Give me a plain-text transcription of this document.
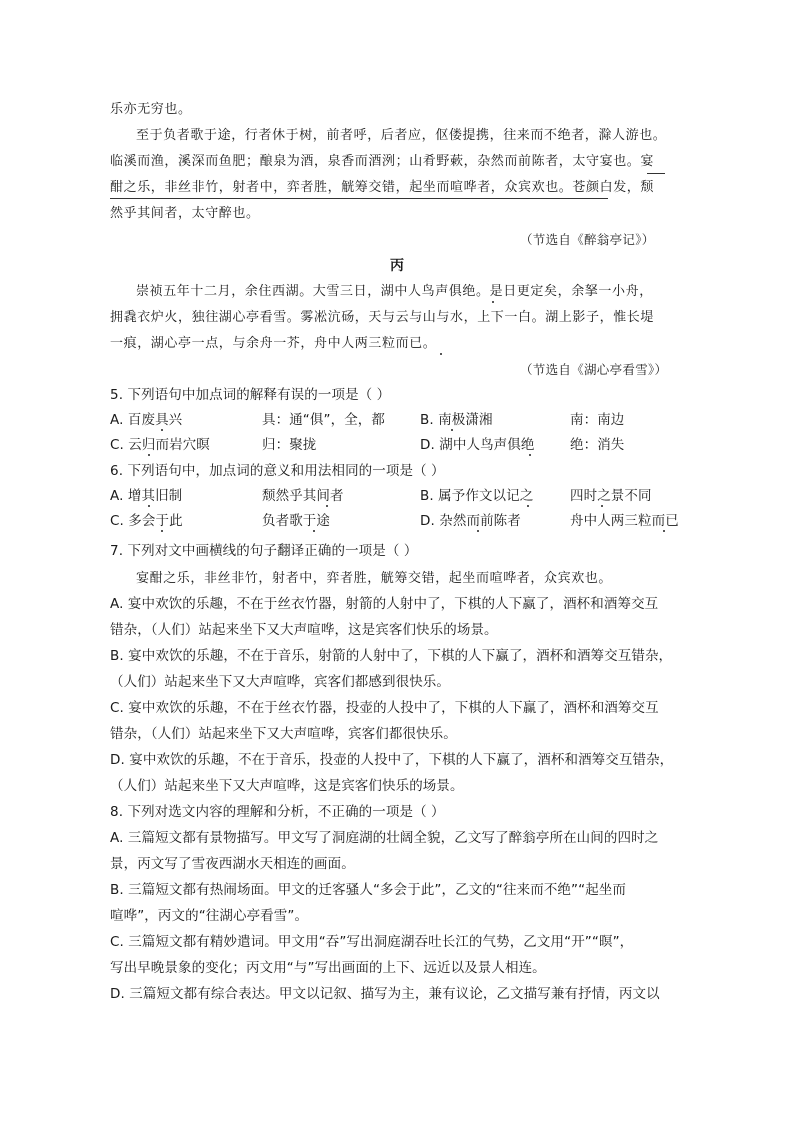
乐亦无穷也。
至于负者歌于途，行者休于树，前者呼，后者应，伛偻提携，往来而不绝者，滁人游也。
临溪而渔，溪深而鱼肥；酿泉为酒，泉香而酒洌；山肴野蔌，杂然而前陈者，太守宴也。宴
酣之乐，非丝非竹，射者中，弈者胜，觥筹交错，起坐而喧哗者，众宾欢也。苍颜白发，颓
然乎其间者，太守醉也。
（节选自《醉翁亭记》）
丙
崇祯五年十二月，余住西湖。大雪三日，湖中人鸟声俱绝。是日更定矣，余拏一小舟，
拥毳衣炉火，独往湖心亭看雪。雾凇沆砀，天与云与山与水，上下一白。湖上影子，惟长堤
一痕，湖心亭一点，与余舟一芥，舟中人两三粒而已。
（节选自《湖心亭看雪》）
5. 下列语句中加点词的解释有误的一项是（ ）
A. 百废具兴	具：通“俱”，全，都	B. 南极潇湘	南：南边
C. 云归而岩穴暝	归：聚拢	D. 湖中人鸟声俱绝	绝：消失
6. 下列语句中，加点词的意义和用法相同的一项是（ ）
A. 增其旧制	颓然乎其间者	B. 属予作文以记之	四时之景不同
C. 多会于此	负者歌于途	D. 杂然而前陈者	舟中人两三粒而已
7. 下列对文中画横线的句子翻译正确的一项是（ ）
宴酣之乐，非丝非竹，射者中，弈者胜，觥筹交错，起坐而喧哗者，众宾欢也。
A. 宴中欢饮的乐趣，不在于丝衣竹器，射箭的人射中了，下棋的人下赢了，酒杯和酒筹交互
错杂，（人们）站起来坐下又大声喧哗，这是宾客们快乐的场景。
B. 宴中欢饮的乐趣，不在于音乐，射箭的人射中了，下棋的人下赢了，酒杯和酒筹交互错杂，
（人们）站起来坐下又大声喧哗，宾客们都感到很快乐。
C. 宴中欢饮的乐趣，不在于丝衣竹器，投壶的人投中了，下棋的人下赢了，酒杯和酒筹交互
错杂，（人们）站起来坐下又大声喧哗，宾客们都很快乐。
D. 宴中欢饮的乐趣，不在于音乐，投壶的人投中了，下棋的人下赢了，酒杯和酒筹交互错杂，
（人们）站起来坐下又大声喧哗，这是宾客们快乐的场景。
8. 下列对选文内容的理解和分析，不正确的一项是（ ）
A. 三篇短文都有景物描写。甲文写了洞庭湖的壮阔全貌，乙文写了醉翁亭所在山间的四时之
景，丙文写了雪夜西湖水天相连的画面。
B. 三篇短文都有热闹场面。甲文的迁客骚人“多会于此”，乙文的“往来而不绝”“起坐而
喧哗”，丙文的“往湖心亭看雪”。
C. 三篇短文都有精妙遣词。甲文用“吞”写出洞庭湖吞吐长江的气势，乙文用“开”“暝”，
写出早晚景象的变化；丙文用“与”写出画面的上下、远近以及景人相连。
D. 三篇短文都有综合表达。甲文以记叙、描写为主，兼有议论，乙文描写兼有抒情，丙文以
